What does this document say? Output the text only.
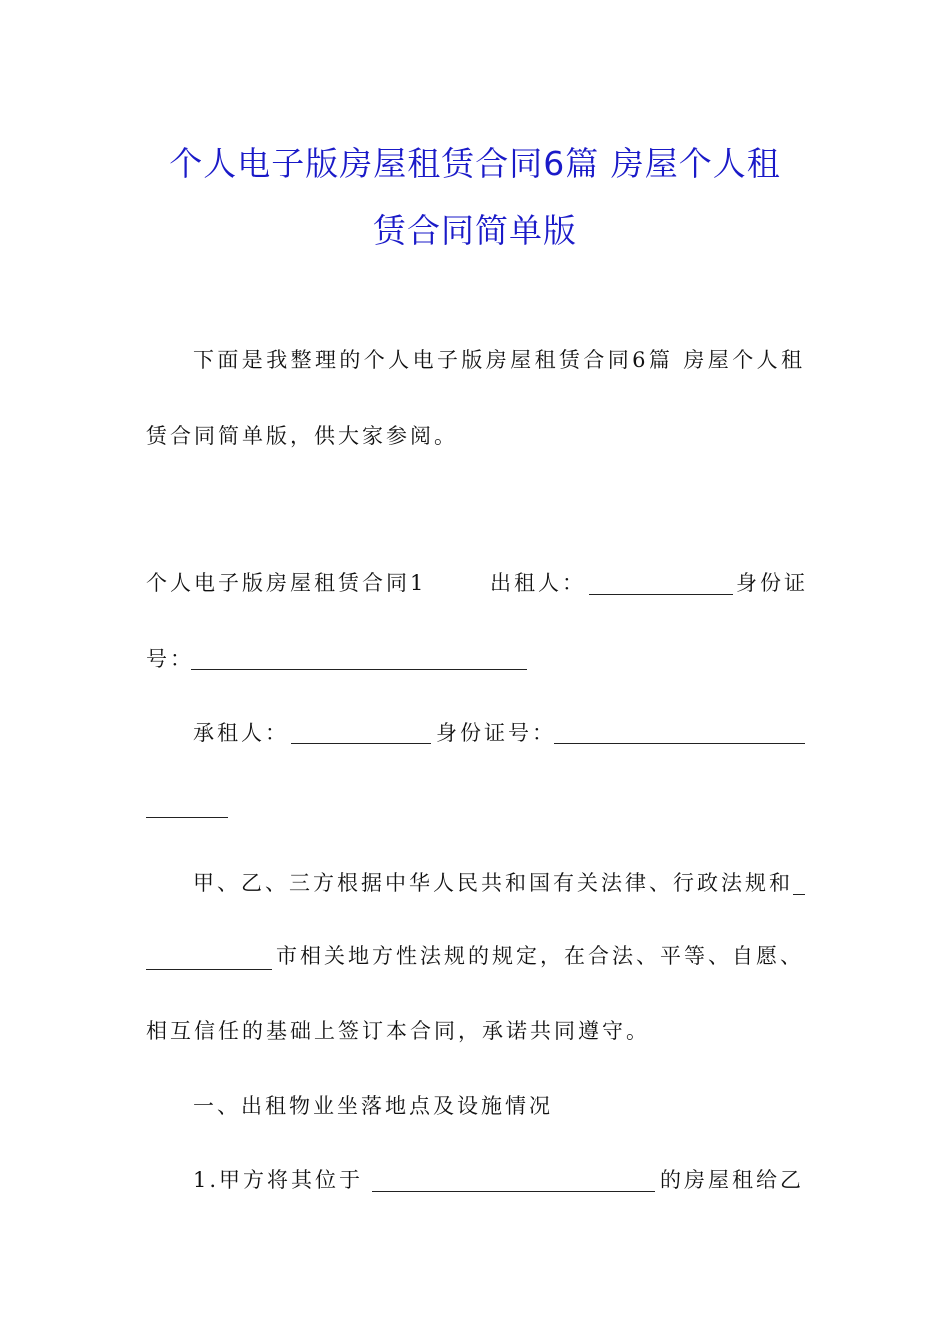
个人电子版房屋租赁合同6篇 房屋个人租
赁合同简单版
下面是我整理的个人电子版房屋租赁合同6篇 房屋个人租
赁合同简单版，供大家参阅。
个人电子版房屋租赁合同1	出租人：	身份证
号：
承租人：	身份证号：
甲、乙、三方根据中华人民共和国有关法律、行政法规和
市相关地方性法规的规定，在合法、平等、自愿、
相互信任的基础上签订本合同，承诺共同遵守。
一、出租物业坐落地点及设施情况
1.甲方将其位于	的房屋租给乙
